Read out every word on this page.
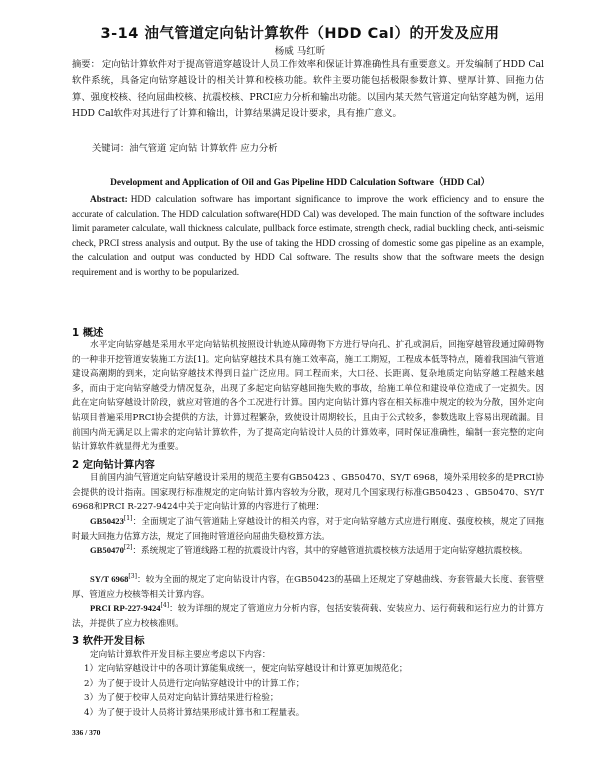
3-14 油气管道定向钻计算软件（HDD Cal）的开发及应用
杨威 马红昕
摘要： 定向钻计算软件对于提高管道穿越设计人员工作效率和保证计算准确性具有重要意义。开发编制了HDD Cal软件系统，具备定向钻穿越设计的相关计算和校核功能。软件主要功能包括极限参数计算、壁厚计算、回拖力估算、强度校核、径向屈曲校核、抗震校核、PRCI应力分析和输出功能。以国内某天然气管道定向钻穿越为例，运用HDD Cal软件对其进行了计算和输出，计算结果满足设计要求，具有推广意义。
关键词：油气管道 定向钻 计算软件 应力分析
Development and Application of Oil and Gas Pipeline HDD Calculation Software（HDD Cal）
Abstract: HDD calculation software has important significance to improve the work efficiency and to ensure the accurate of calculation. The HDD calculation software(HDD Cal) was developed. The main function of the software includes limit parameter calculate, wall thickness calculate, pullback force estimate, strength check, radial buckling check, anti-seismic check, PRCI stress analysis and output. By the use of taking the HDD crossing of domestic some gas pipeline as an example, the calculation and output was conducted by HDD Cal software. The results show that the software meets the design requirement and is worthy to be popularized.
1 概述
水平定向钻穿越是采用水平定向钻钻机按照设计轨迹从障碍物下方进行导向孔、扩孔或洞后，回拖穿越管段通过障碍物的一种非开挖管道安装施工方法[1]。定向钻穿越技术具有施工效率高，施工工期短，工程成本低等特点，随着我国油气管道建设高潮期的到来，定向钻穿越技术得到日益广泛应用。同工程而来，大口径、长距离、复杂地质定向钻穿越工程越来越多，而由于定向钻穿越受力情况复杂，出现了多起定向钻穿越回拖失败的事故，给施工单位和建设单位造成了一定损失。因此在定向钻穿越设计阶段，就应对管道的各个工况进行计算。国内定向钻计算内容在相关标准中规定的较为分散，国外定向钻项目普遍采用PRCI协会提供的方法，计算过程繁杂，致使设计周期较长，且由于公式较多，参数选取上容易出现疏漏。目前国内尚无满足以上需求的定向钻计算软件，为了提高定向钻设计人员的计算效率，同时保证准确性，编制一套完整的定向钻计算软件就显得尤为重要。
2 定向钻计算内容
目前国内油气管道定向钻穿越设计采用的规范主要有GB50423 、GB50470、SY/T 6968，境外采用较多的是PRCI协会提供的设计指南。国家现行标准规定的定向钻计算内容较为分散，现对几个国家现行标准GB50423 、GB50470、SY/T 6968和PRCI R-227-9424中关于定向钻计算的内容进行了梳理：
GB50423[1]：全面规定了油气管道陆上穿越设计的相关内容，对于定向钻穿越方式应进行刚度、强度校核，规定了回拖时最大回拖力估算方法，规定了回拖时管道径向屈曲失稳校算方法。
GB50470[2]：系统规定了管道线路工程的抗震设计内容，其中的穿越管道抗震校核方法适用于定向钻穿越抗震校核。
SY/T 6968[3]：较为全面的规定了定向钻设计内容，在GB50423的基础上还规定了穿越曲线、夯套管最大长度、套管壁厚、管道应力校核等相关计算内容。
PRCI RP-227-9424[4]：较为详细的规定了管道应力分析内容，包括安装荷载、安装应力、运行荷载和运行应力的计算方法，并提供了应力校核准则。
336 / 370
3 软件开发目标
定向钻计算软件开发目标主要应考虑以下内容：
1）定向钻穿越设计中的各项计算能集成统一，便定向钻穿越设计和计算更加规范化；
2）为了便于设计人员进行定向钻穿越设计中的计算工作；
3）为了便于校审人员对定向钻计算结果进行检验；
4）为了便于设计人员将计算结果形成计算书和工程量表。
